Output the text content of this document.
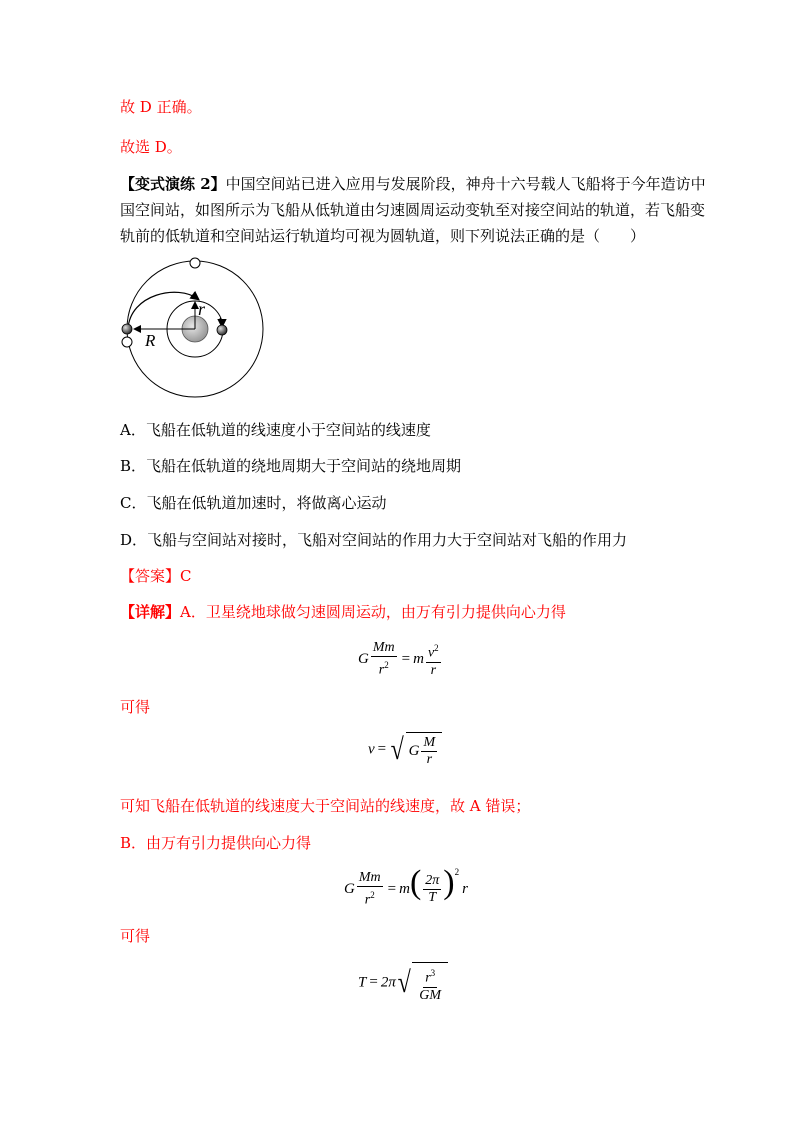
故 D 正确。
故选 D。
【变式演练 2】中国空间站已进入应用与发展阶段，神舟十六号载人飞船将于今年造访中
国空间站，如图所示为飞船从低轨道由匀速圆周运动变轨至对接空间站的轨道，若飞船变
轨前的低轨道和空间站运行轨道均可视为圆轨道，则下列说法正确的是（　　）
r
R
A．飞船在低轨道的线速度小于空间站的线速度
B．飞船在低轨道的绕地周期大于空间站的绕地周期
C．飞船在低轨道加速时，将做离心运动
D．飞船与空间站对接时，飞船对空间站的作用力大于空间站对飞船的作用力
【答案】C
【详解】A．卫星绕地球做匀速圆周运动，由万有引力提供向心力得
G $\frac{Mm}{r^2} = m \frac{v^2}{r}$
可得
v = √ G $\frac{M}{r}$
可知飞船在低轨道的线速度大于空间站的线速度，故 A 错误；
B．由万有引力提供向心力得
G $\frac{Mm}{r^2} = m( \frac{2\pi}{T} )^2r$
可得
T = 2π √ $\frac{r^3}{GM}$
